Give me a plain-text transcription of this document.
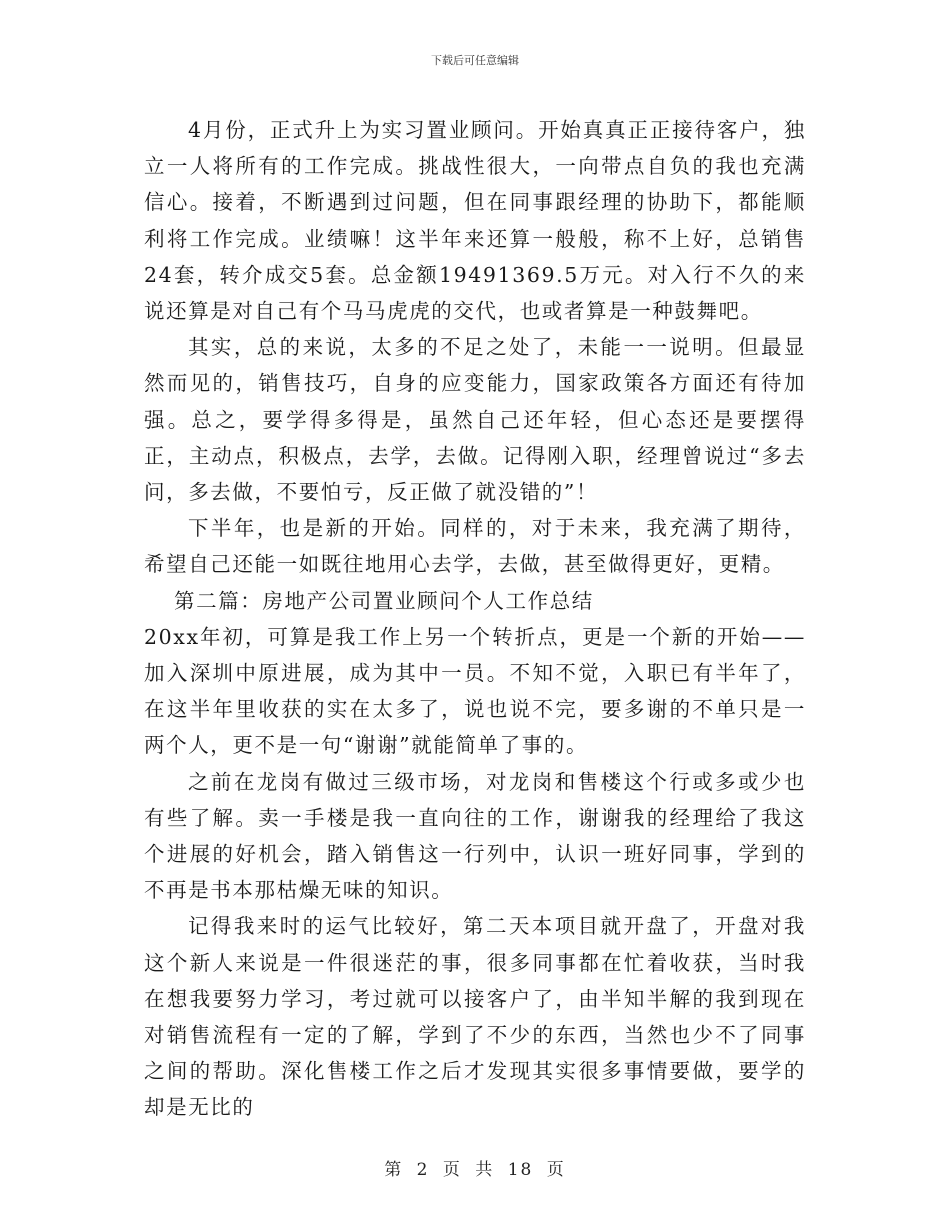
下载后可任意编辑

4月份，正式升上为实习置业顾问。开始真真正正接待客户，独立一人将所有的工作完成。挑战性很大，一向带点自负的我也充满信心。接着，不断遇到过问题，但在同事跟经理的协助下，都能顺利将工作完成。业绩嘛！这半年来还算一般般，称不上好，总销售24套，转介成交5套。总金额19491369.5万元。对入行不久的来说还算是对自己有个马马虎虎的交代，也或者算是一种鼓舞吧。

其实，总的来说，太多的不足之处了，未能一一说明。但最显然而见的，销售技巧，自身的应变能力，国家政策各方面还有待加强。总之，要学得多得是，虽然自己还年轻，但心态还是要摆得正，主动点，积极点，去学，去做。记得刚入职，经理曾说过“多去问，多去做，不要怕亏，反正做了就没错的”！

下半年，也是新的开始。同样的，对于未来，我充满了期待，希望自己还能一如既往地用心去学，去做，甚至做得更好，更精。

第二篇：房地产公司置业顾问个人工作总结

20xx年初，可算是我工作上另一个转折点，更是一个新的开始——加入深圳中原进展，成为其中一员。不知不觉，入职已有半年了，在这半年里收获的实在太多了，说也说不完，要多谢的不单只是一两个人，更不是一句“谢谢”就能简单了事的。

之前在龙岗有做过三级市场，对龙岗和售楼这个行或多或少也有些了解。卖一手楼是我一直向往的工作，谢谢我的经理给了我这个进展的好机会，踏入销售这一行列中，认识一班好同事，学到的不再是书本那枯燥无味的知识。

记得我来时的运气比较好，第二天本项目就开盘了，开盘对我这个新人来说是一件很迷茫的事，很多同事都在忙着收获，当时我在想我要努力学习，考过就可以接客户了，由半知半解的我到现在对销售流程有一定的了解，学到了不少的东西，当然也少不了同事之间的帮助。深化售楼工作之后才发现其实很多事情要做，要学的却是无比的

第 2 页 共 18 页
